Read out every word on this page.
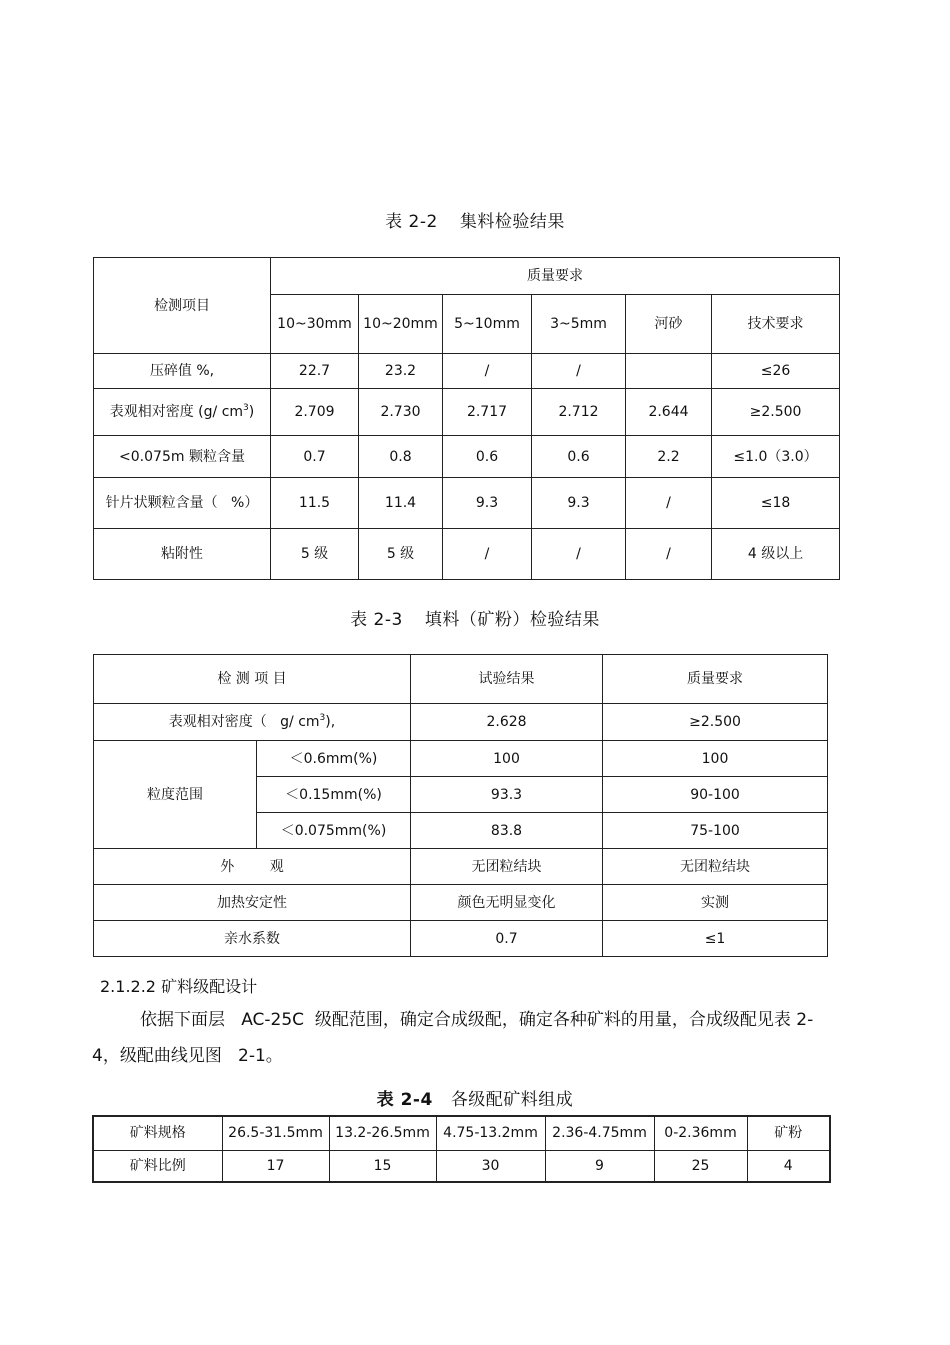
表 2-2 集料检验结果
检测项目	质量要求					
	10~30mm	10~20mm	5~10mm	3~5mm	河砂	技术要求
压碎值 %,	22.7	23.2	/	/		≤26
表观相对密度 (g/ $cm^3$)	2.709	2.730	2.717	2.712	2.644	≥2.500
<0.075m 颗粒含量	0.7	0.8	0.6	0.6	2.2	≤1.0（3.0）
针片状颗粒含量（   %）	11.5	11.4	9.3	9.3	/	≤18
粘附性	5 级	5 级	/	/	/	4 级以上
表 2-3 填料（矿粉）检验结果
检 测 项 目		试验结果	质量要求
表观相对密度（   g/ $cm^3$),		2.628	≥2.500
粒度范围	＜0.6mm(%)	100	100
	＜0.15mm(%)	93.3	90-100
	＜0.075mm(%)	83.8	75-100
外        观		无团粒结块	无团粒结块
加热安定性		颜色无明显变化	实测
亲水系数		0.7	≤1
2.1.2.2 矿料级配设计

依据下面层   AC-25C  级配范围，确定合成级配，确定各种矿料的用量，合成级配见表 2-4，级配曲线见图   2-1。

表 2-4 各级配矿料组成
矿料规格	26.5-31.5mm	13.2-26.5mm	4.75-13.2mm	2.36-4.75mm	0-2.36mm	矿粉
矿料比例	17	15	30	9	25	4
